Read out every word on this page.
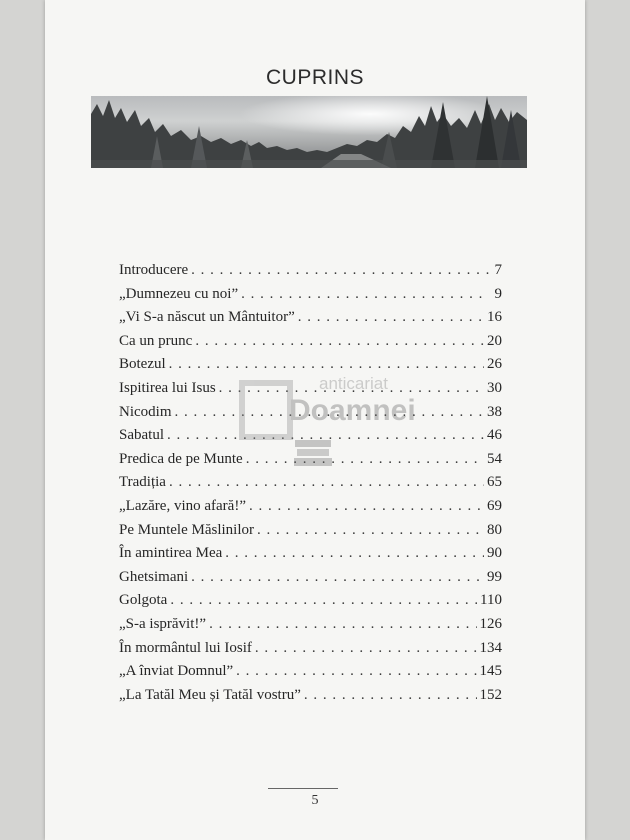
CUPRINS
Introducere . . .	7
„Dumnezeu cu noi” . . .	9
„Vi S-a născut un Mântuitor” . . .	16
Ca un prunc . . .	20
Botezul . . .	26
Ispitirea lui Isus . . .	30
Nicodim . . .	38
Sabatul . . .	46
Predica de pe Munte . . .	54
Tradiția . . .	65
„Lazăre, vino afară!” . . .	69
Pe Muntele Măslinilor . . .	80
În amintirea Mea . . .	90
Ghetsimani . . .	99
Golgota . . .	110
„S-a isprăvit!” . . .	126
În mormântul lui Iosif . . .	134
„A înviat Domnul” . . .	145
„La Tatăl Meu și Tatăl vostru” . . .	152
anticariat
Doamnei
5
